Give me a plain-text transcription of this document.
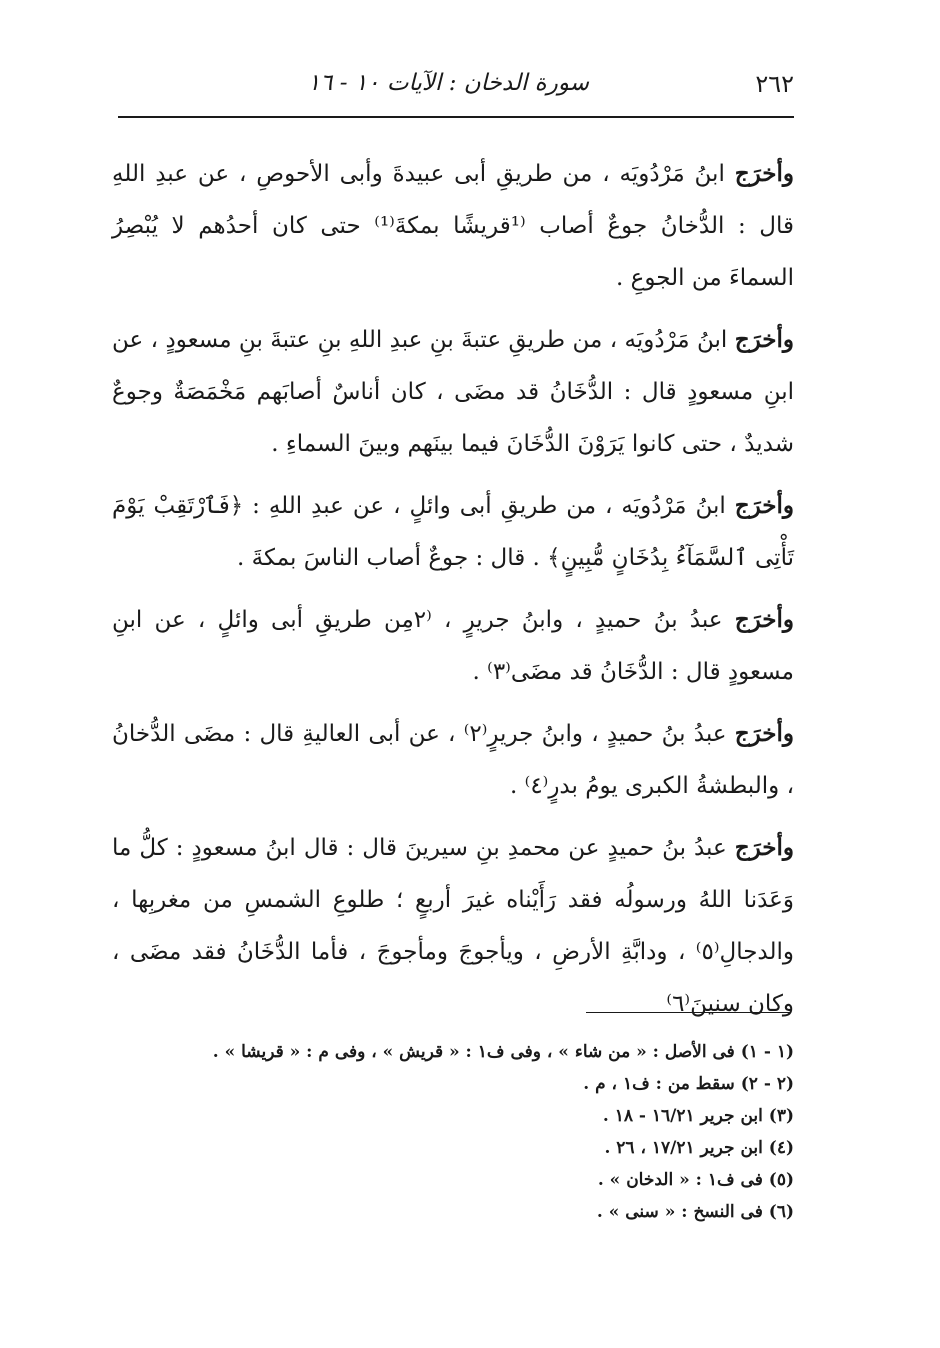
٢٦٢
سورة الدخان : الآيات ١٠ - ١٦

وأخرَج ابنُ مَرْدُويَه ، من طريقِ أبى عبيدةَ وأبى الأحوصِ ، عن عبدِ اللهِ قال : الدُّخانُ جوعٌ أصاب ⁽¹قريشًا بمكةَ⁽¹⁾ حتى كان أحدُهم لا يُبْصِرُ السماءَ من الجوعِ .

وأخرَج ابنُ مَرْدُويَه ، من طريقِ عتبةَ بنِ عبدِ اللهِ بنِ عتبةَ بنِ مسعودٍ ، عن ابنِ مسعودٍ قال : الدُّخَانُ قد مضَى ، كان أناسٌ أصابَهم مَخْمَصَةٌ وجوعٌ شديدٌ ، حتى كانوا يَرَوْنَ الدُّخَانَ فيما بينَهم وبينَ السماءِ .

وأخرَج ابنُ مَرْدُويَه ، من طريقِ أبى وائلٍ ، عن عبدِ اللهِ : ﴿فَٱرْتَقِبْ يَوْمَ تَأْتِى ٱلسَّمَآءُ بِدُخَانٍ مُّبِينٍ﴾ . قال : جوعٌ أصاب الناسَ بمكةَ .

وأخرَج عبدُ بنُ حميدٍ ، وابنُ جريرٍ ، ⁽٢مِن طريقِ أبى وائلٍ ، عن ابنِ مسعودٍ قال : الدُّخَانُ قد مضَى⁽٣⁾ .

وأخرَج عبدُ بنُ حميدٍ ، وابنُ جريرٍ⁽٢⁾ ، عن أبى العاليةِ قال : مضَى الدُّخانُ ، والبطشةُ الكبرى يومُ بدرٍ⁽٤⁾ .

وأخرَج عبدُ بنُ حميدٍ عن محمدِ بنِ سيرينَ قال : قال ابنُ مسعودٍ : كلُّ ما وَعَدَنا اللهُ ورسولُه فقد رَأَيْناه غيرَ أربعٍ ؛ طلوعِ الشمسِ من مغربِها ، والدجالِ⁽٥⁾ ، ودابَّةِ الأرضِ ، ويأجوجَ ومأجوجَ ، فأما الدُّخَانُ فقد مضَى ، وكان سنينَ⁽٦⁾

(١ - ١) فى الأصل : « من شاء » ، وفى ف١ : « قريش » ، وفى م : « قريشا » .
(٢ - ٢) سقط من : ف١ ، م .
(٣) ابن جرير ١٦/٢١ - ١٨ .
(٤) ابن جرير ١٧/٢١ ، ٢٦ .
(٥) فى ف١ : « الدخان » .
(٦) فى النسخ : « سنى » .
